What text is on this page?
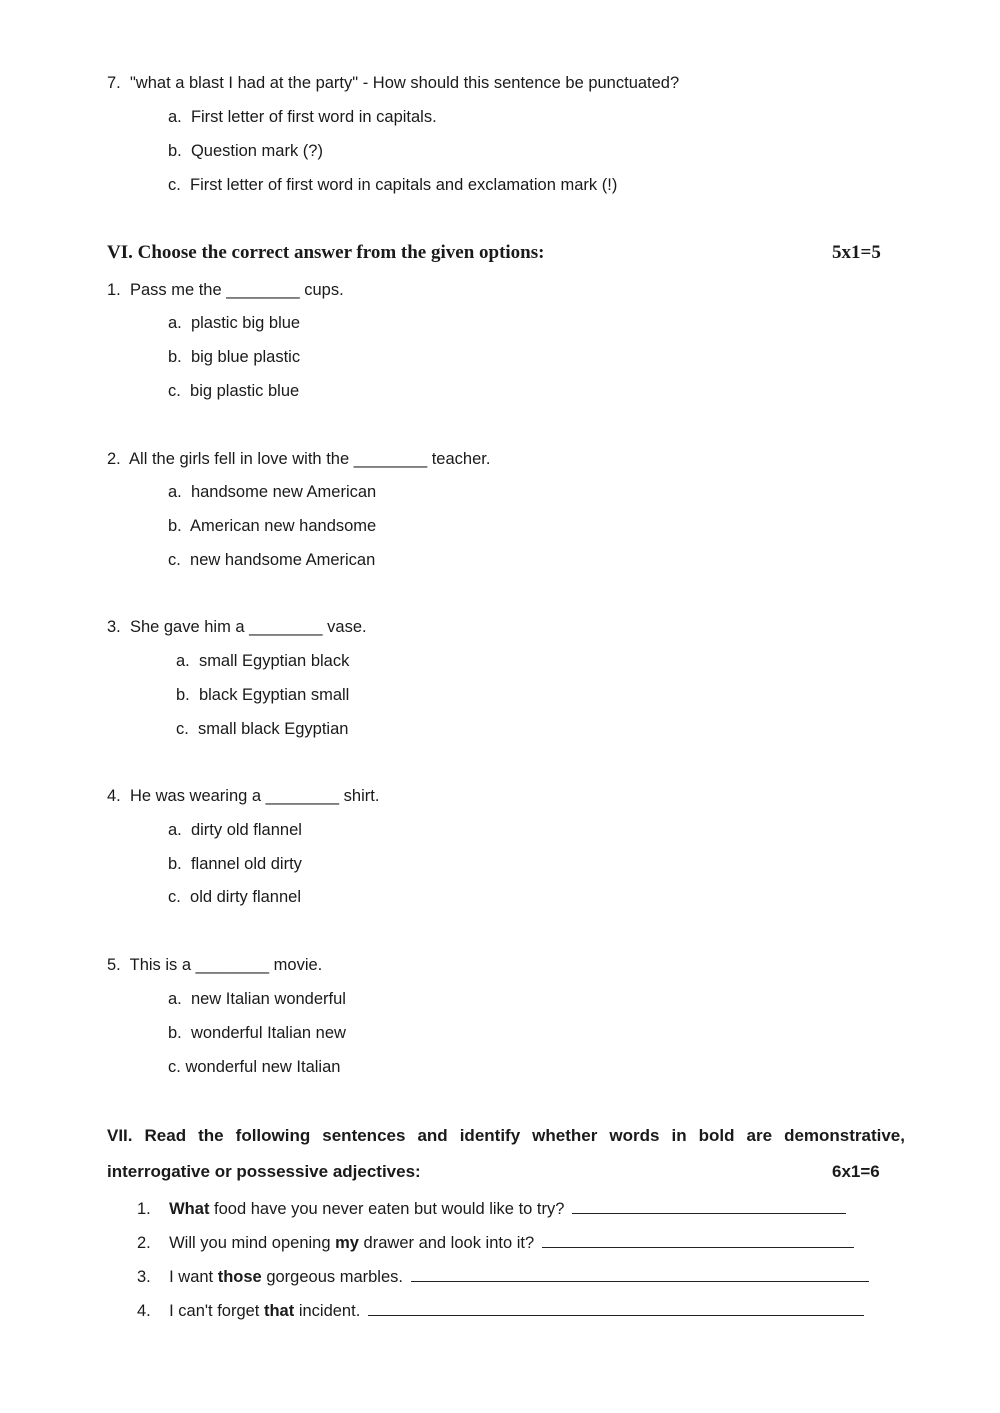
7. "what a blast I had at the party" - How should this sentence be punctuated?
a. First letter of first word in capitals.
b. Question mark (?)
c. First letter of first word in capitals and exclamation mark (!)
VI. Choose the correct answer from the given options:	5x1=5
1. Pass me the ________ cups.
a. plastic big blue
b. big blue plastic
c. big plastic blue
2. All the girls fell in love with the ________ teacher.
a.  handsome new American
b. American new handsome
c. new handsome American
3. She gave him a ________ vase.
a. small Egyptian black
b. black Egyptian small
c. small black Egyptian
4. He was wearing a ________ shirt.
a. dirty old flannel
b. flannel old dirty
c. old dirty flannel
5. This is a ________ movie.
a. new Italian wonderful
b. wonderful Italian new
c. wonderful new Italian
VII. Read the following sentences and identify whether words in bold are demonstrative,
interrogative or possessive adjectives:	6x1=6
1. What food have you never eaten but would like to try?
2. Will you mind opening my drawer and look into it?
3. I want those gorgeous marbles.
4. I can't forget that incident.
